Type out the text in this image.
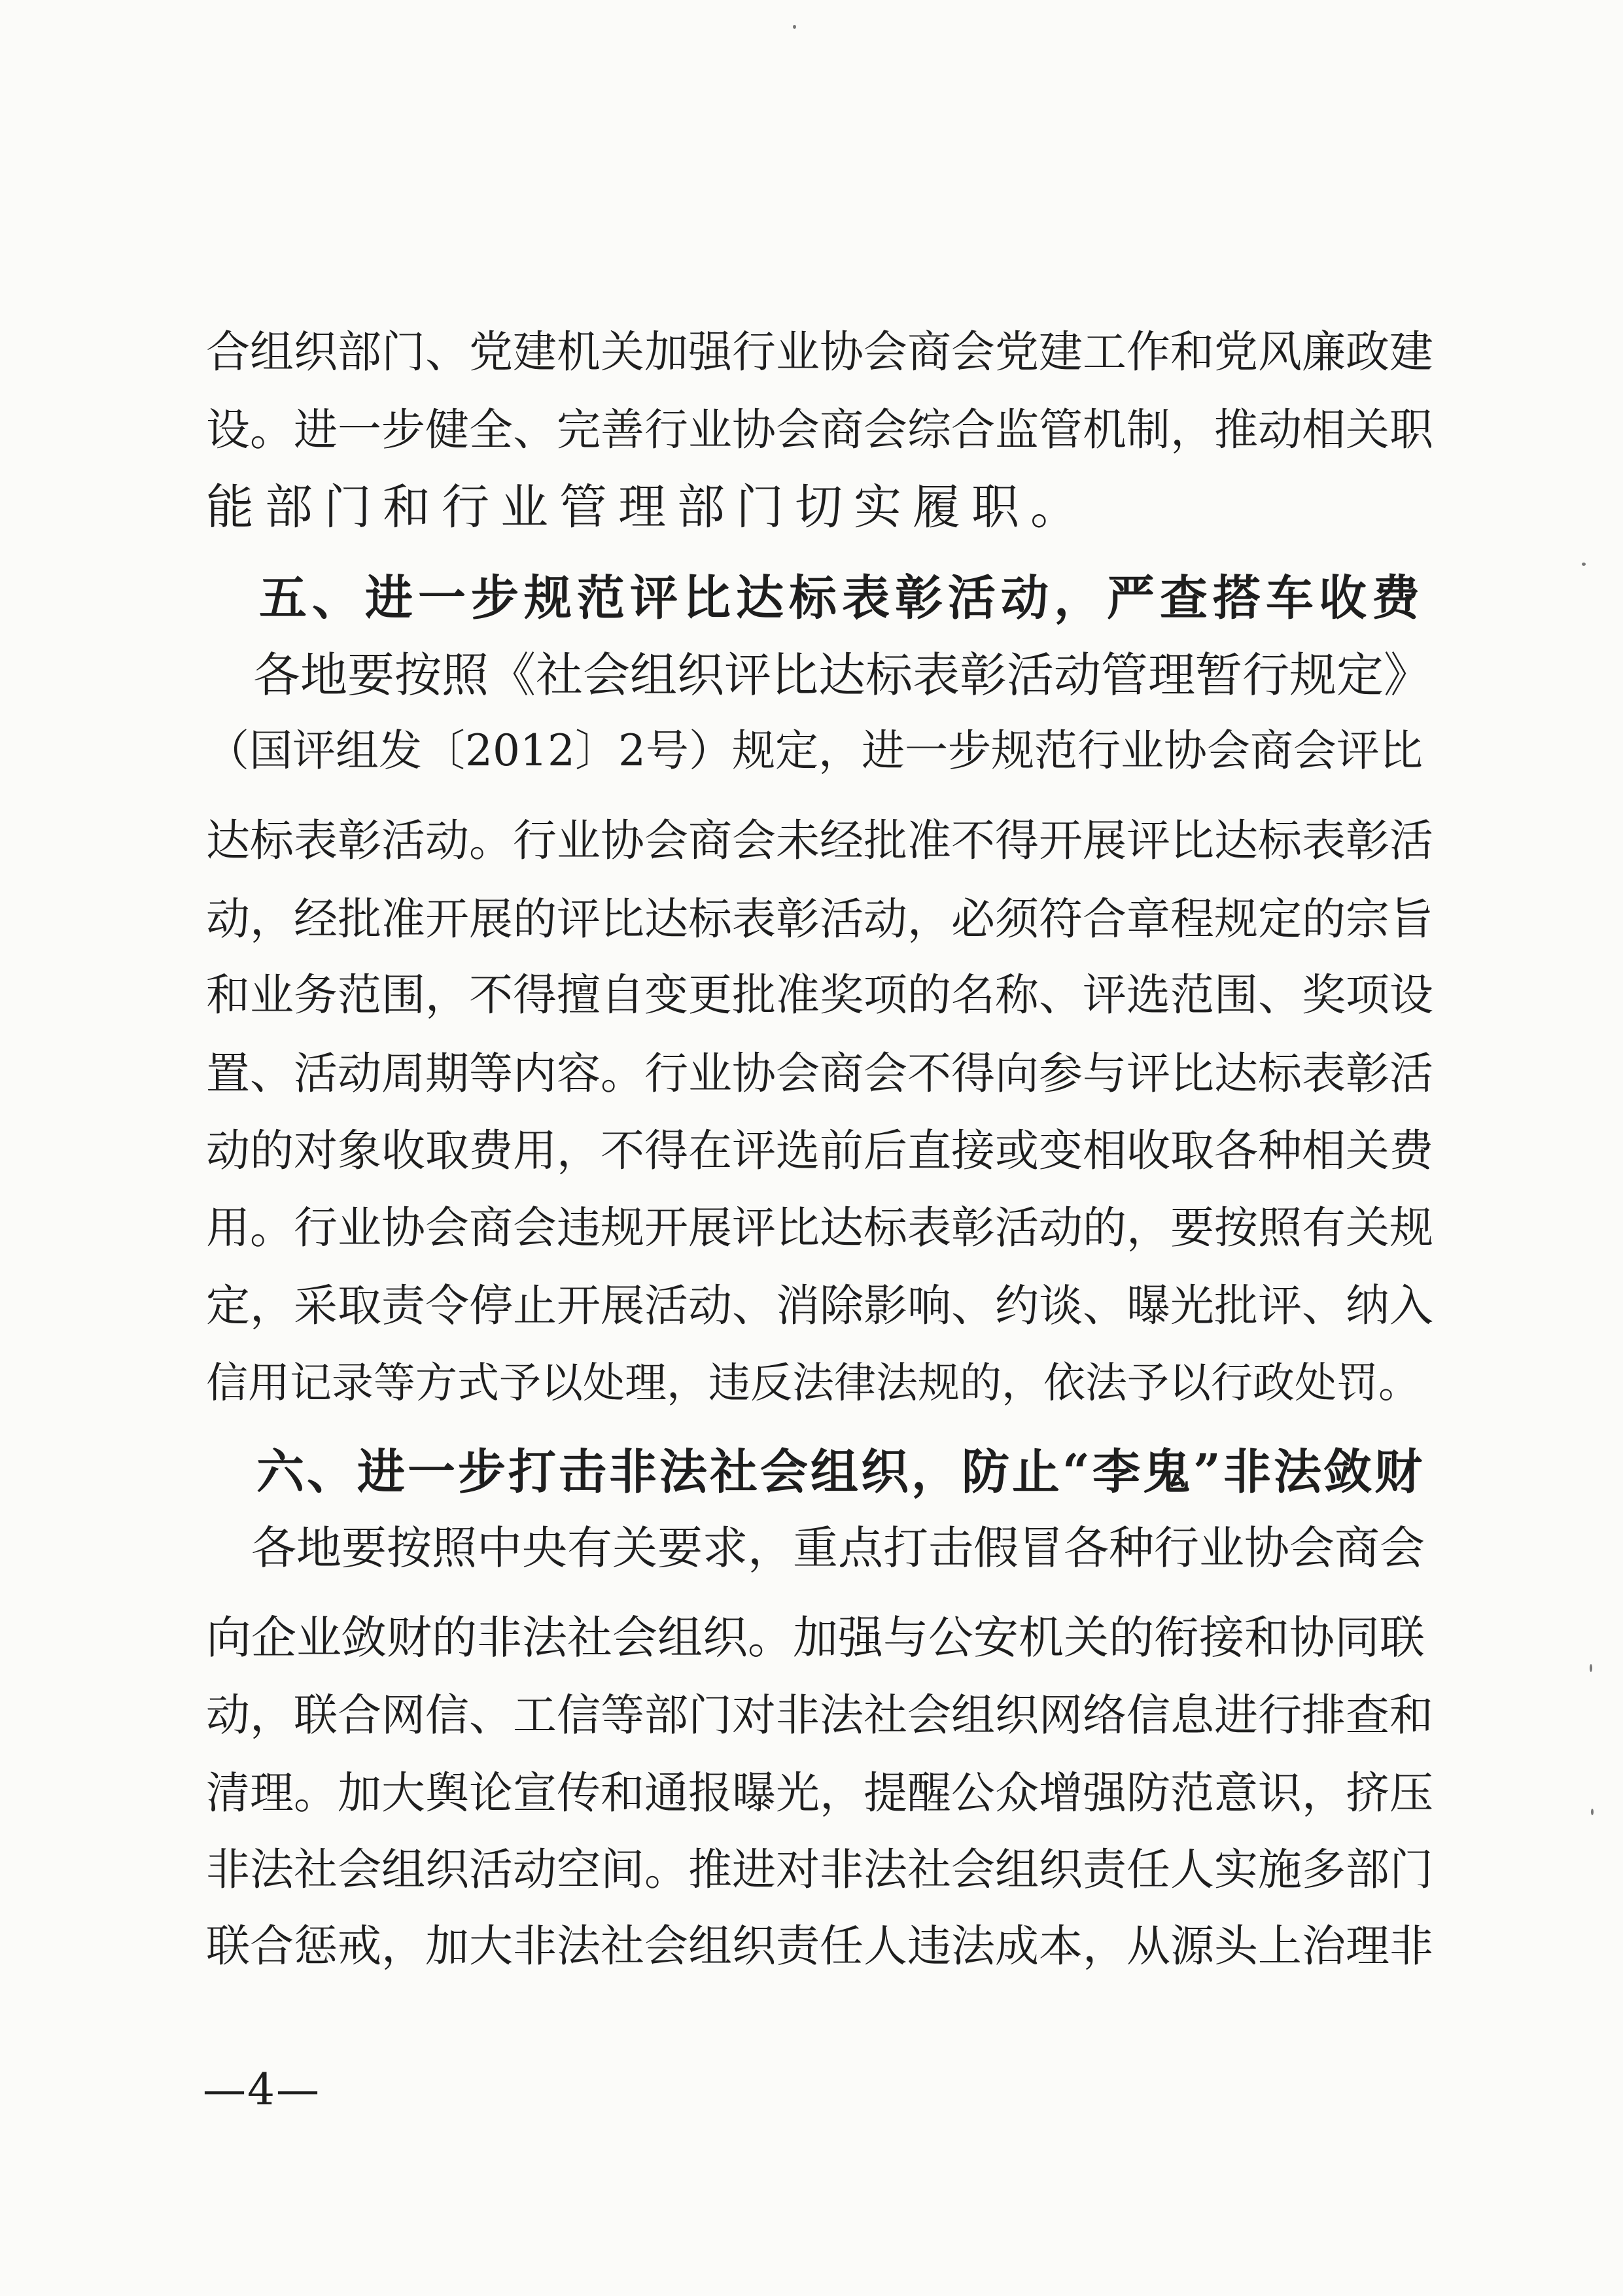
合组织部门、党建机关加强行业协会商会党建工作和党风廉政建
设。进一步健全、完善行业协会商会综合监管机制，推动相关职
能部门和行业管理部门切实履职。
　五、进一步规范评比达标表彰活动，严查搭车收费
　各地要按照《社会组织评比达标表彰活动管理暂行规定》
（国评组发〔2012〕2号）规定，进一步规范行业协会商会评比
达标表彰活动。行业协会商会未经批准不得开展评比达标表彰活
动，经批准开展的评比达标表彰活动，必须符合章程规定的宗旨
和业务范围，不得擅自变更批准奖项的名称、评选范围、奖项设
置、活动周期等内容。行业协会商会不得向参与评比达标表彰活
动的对象收取费用，不得在评选前后直接或变相收取各种相关费
用。行业协会商会违规开展评比达标表彰活动的，要按照有关规
定，采取责令停止开展活动、消除影响、约谈、曝光批评、纳入
信用记录等方式予以处理，违反法律法规的，依法予以行政处罚。
　六、进一步打击非法社会组织，防止“李鬼”非法敛财
　各地要按照中央有关要求，重点打击假冒各种行业协会商会
向企业敛财的非法社会组织。加强与公安机关的衔接和协同联
动，联合网信、工信等部门对非法社会组织网络信息进行排查和
清理。加大舆论宣传和通报曝光，提醒公众增强防范意识，挤压
非法社会组织活动空间。推进对非法社会组织责任人实施多部门
联合惩戒，加大非法社会组织责任人违法成本，从源头上治理非
—4—
